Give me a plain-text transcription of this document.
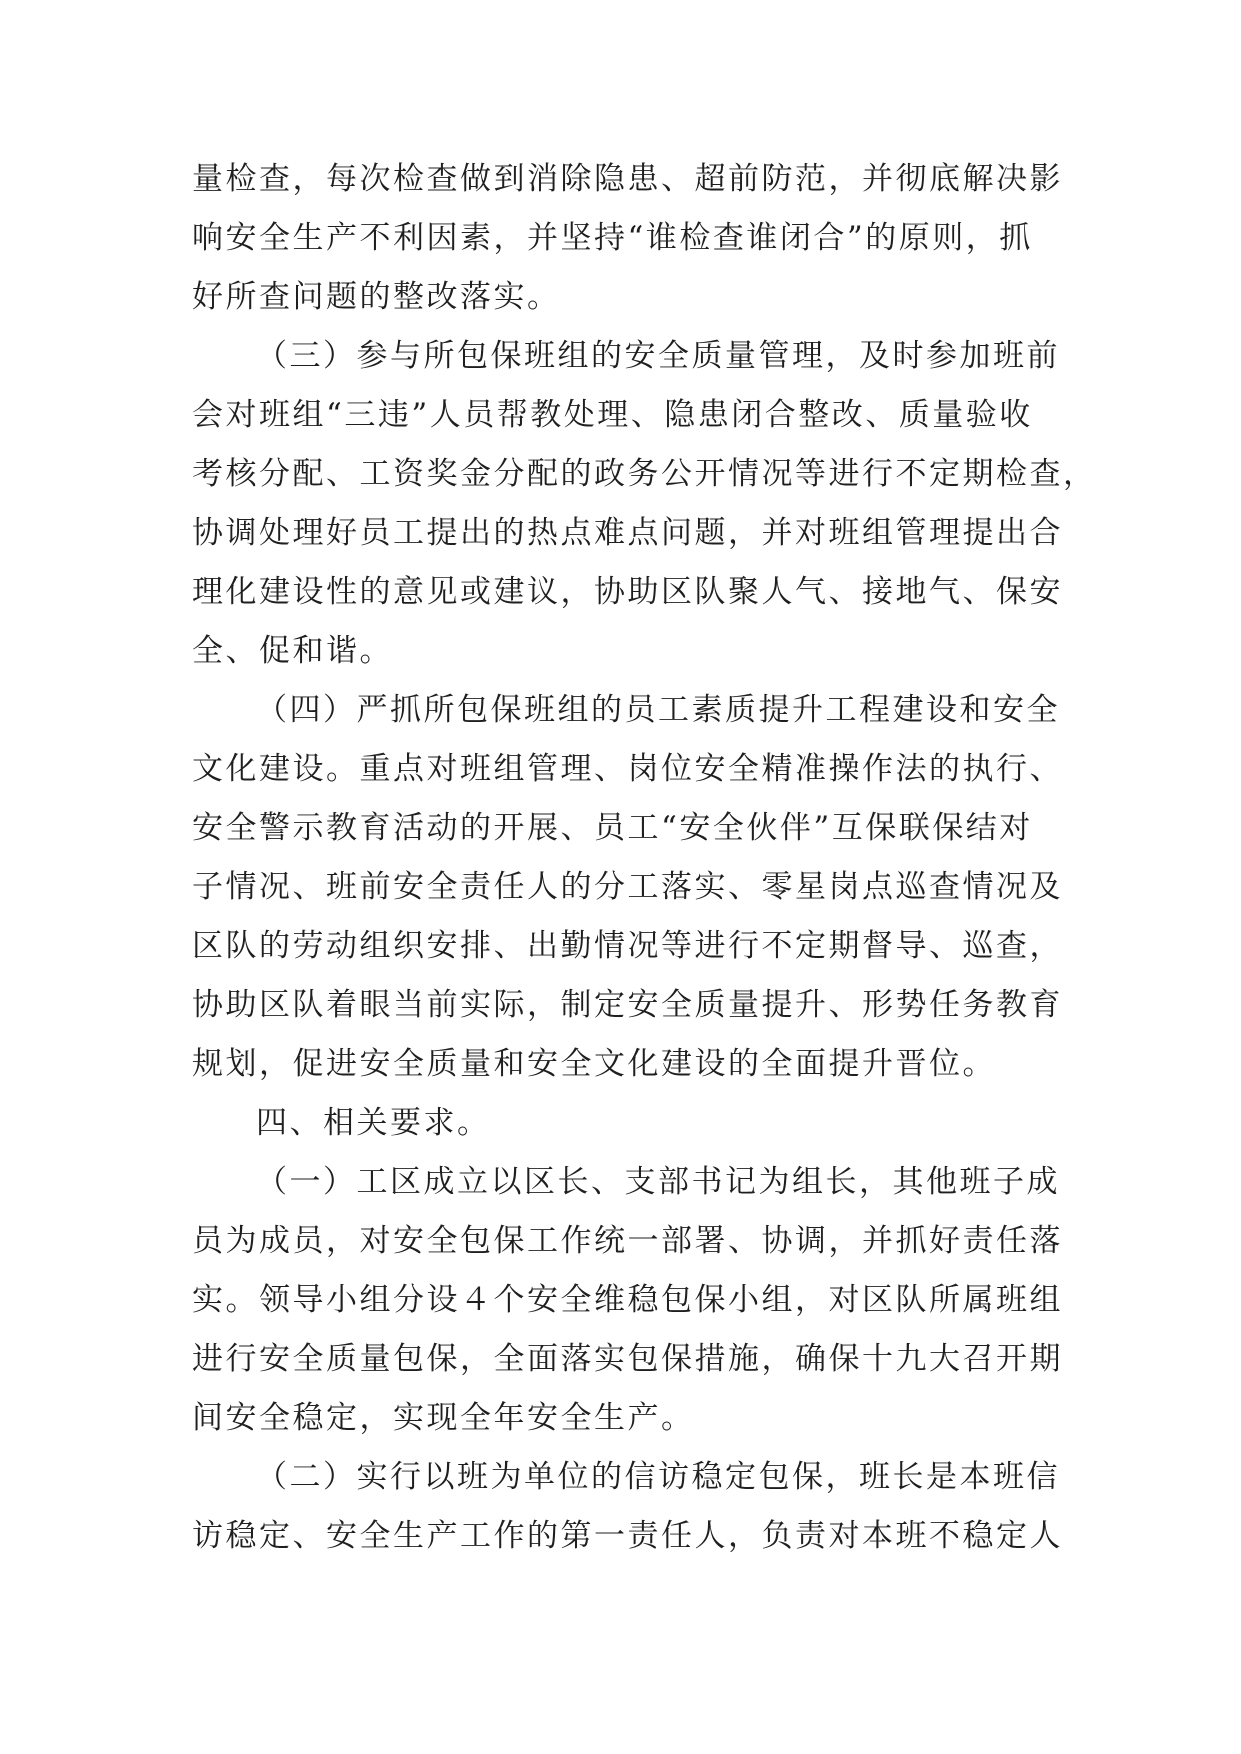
量检查，每次检查做到消除隐患、超前防范，并彻底解决影
响安全生产不利因素，并坚持“谁检查谁闭合”的原则，抓
好所查问题的整改落实。
（三）参与所包保班组的安全质量管理，及时参加班前
会对班组“三违”人员帮教处理、隐患闭合整改、质量验收
考核分配、工资奖金分配的政务公开情况等进行不定期检查，
协调处理好员工提出的热点难点问题，并对班组管理提出合
理化建设性的意见或建议，协助区队聚人气、接地气、保安
全、促和谐。
（四）严抓所包保班组的员工素质提升工程建设和安全
文化建设。重点对班组管理、岗位安全精准操作法的执行、
安全警示教育活动的开展、员工“安全伙伴”互保联保结对
子情况、班前安全责任人的分工落实、零星岗点巡查情况及
区队的劳动组织安排、出勤情况等进行不定期督导、巡查，
协助区队着眼当前实际，制定安全质量提升、形势任务教育
规划，促进安全质量和安全文化建设的全面提升晋位。
四、相关要求。
（一）工区成立以区长、支部书记为组长，其他班子成
员为成员，对安全包保工作统一部署、协调，并抓好责任落
实。领导小组分设４个安全维稳包保小组，对区队所属班组
进行安全质量包保，全面落实包保措施，确保十九大召开期
间安全稳定，实现全年安全生产。
（二）实行以班为单位的信访稳定包保，班长是本班信
访稳定、安全生产工作的第一责任人，负责对本班不稳定人
